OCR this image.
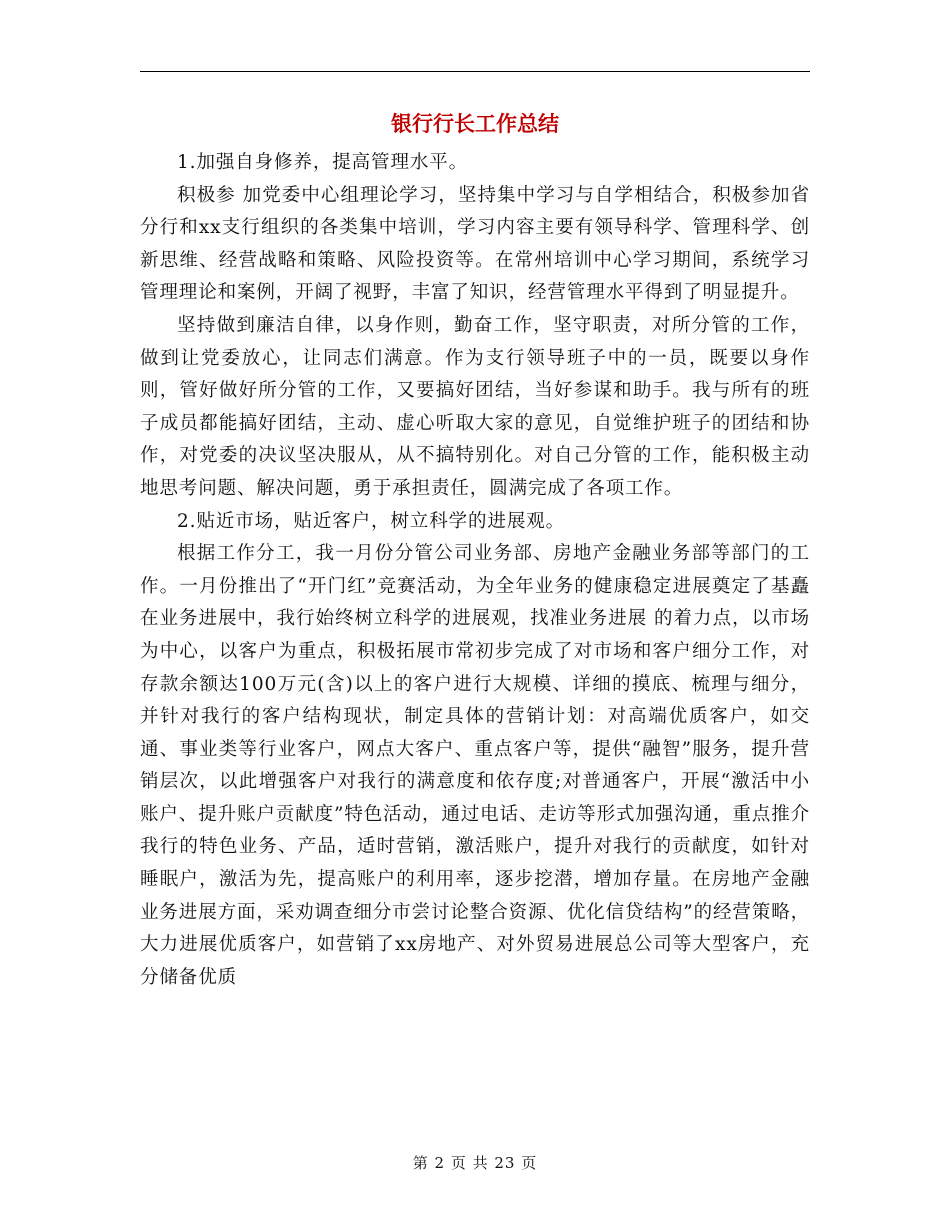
银行行长工作总结

1.加强自身修养，提高管理水平。

积极参 加党委中心组理论学习，坚持集中学习与自学相结合，积极参加省分行和xx支行组织的各类集中培训，学习内容主要有领导科学、管理科学、创新思维、经营战略和策略、风险投资等。在常州培训中心学习期间，系统学习管理理论和案例，开阔了视野，丰富了知识，经营管理水平得到了明显提升。

坚持做到廉洁自律，以身作则，勤奋工作，坚守职责，对所分管的工作，做到让党委放心，让同志们满意。作为支行领导班子中的一员，既要以身作则，管好做好所分管的工作，又要搞好团结，当好参谋和助手。我与所有的班子成员都能搞好团结，主动、虚心听取大家的意见，自觉维护班子的团结和协作，对党委的决议坚决服从，从不搞特别化。对自己分管的工作，能积极主动地思考问题、解决问题，勇于承担责任，圆满完成了各项工作。

2.贴近市场，贴近客户，树立科学的进展观。

根据工作分工，我一月份分管公司业务部、房地产金融业务部等部门的工作。一月份推出了“开门红”竞赛活动，为全年业务的健康稳定进展奠定了基矗在业务进展中，我行始终树立科学的进展观，找准业务进展 的着力点，以市场为中心，以客户为重点，积极拓展市常初步完成了对市场和客户细分工作，对存款余额达100万元(含)以上的客户进行大规模、详细的摸底、梳理与细分，并针对我行的客户结构现状，制定具体的营销计划：对高端优质客户，如交通、事业类等行业客户，网点大客户、重点客户等，提供“融智”服务，提升营销层次，以此增强客户对我行的满意度和依存度;对普通客户，开展“激活中小账户、提升账户贡献度”特色活动，通过电话、走访等形式加强沟通，重点推介我行的特色业务、产品，适时营销，激活账户，提升对我行的贡献度，如针对睡眠户，激活为先，提高账户的利用率，逐步挖潜，增加存量。在房地产金融业务进展方面，采劝调查细分市尝讨论整合资源、优化信贷结构”的经营策略，大力进展优质客户，如营销了xx房地产、对外贸易进展总公司等大型客户，充分储备优质

第 2 页 共 23 页
